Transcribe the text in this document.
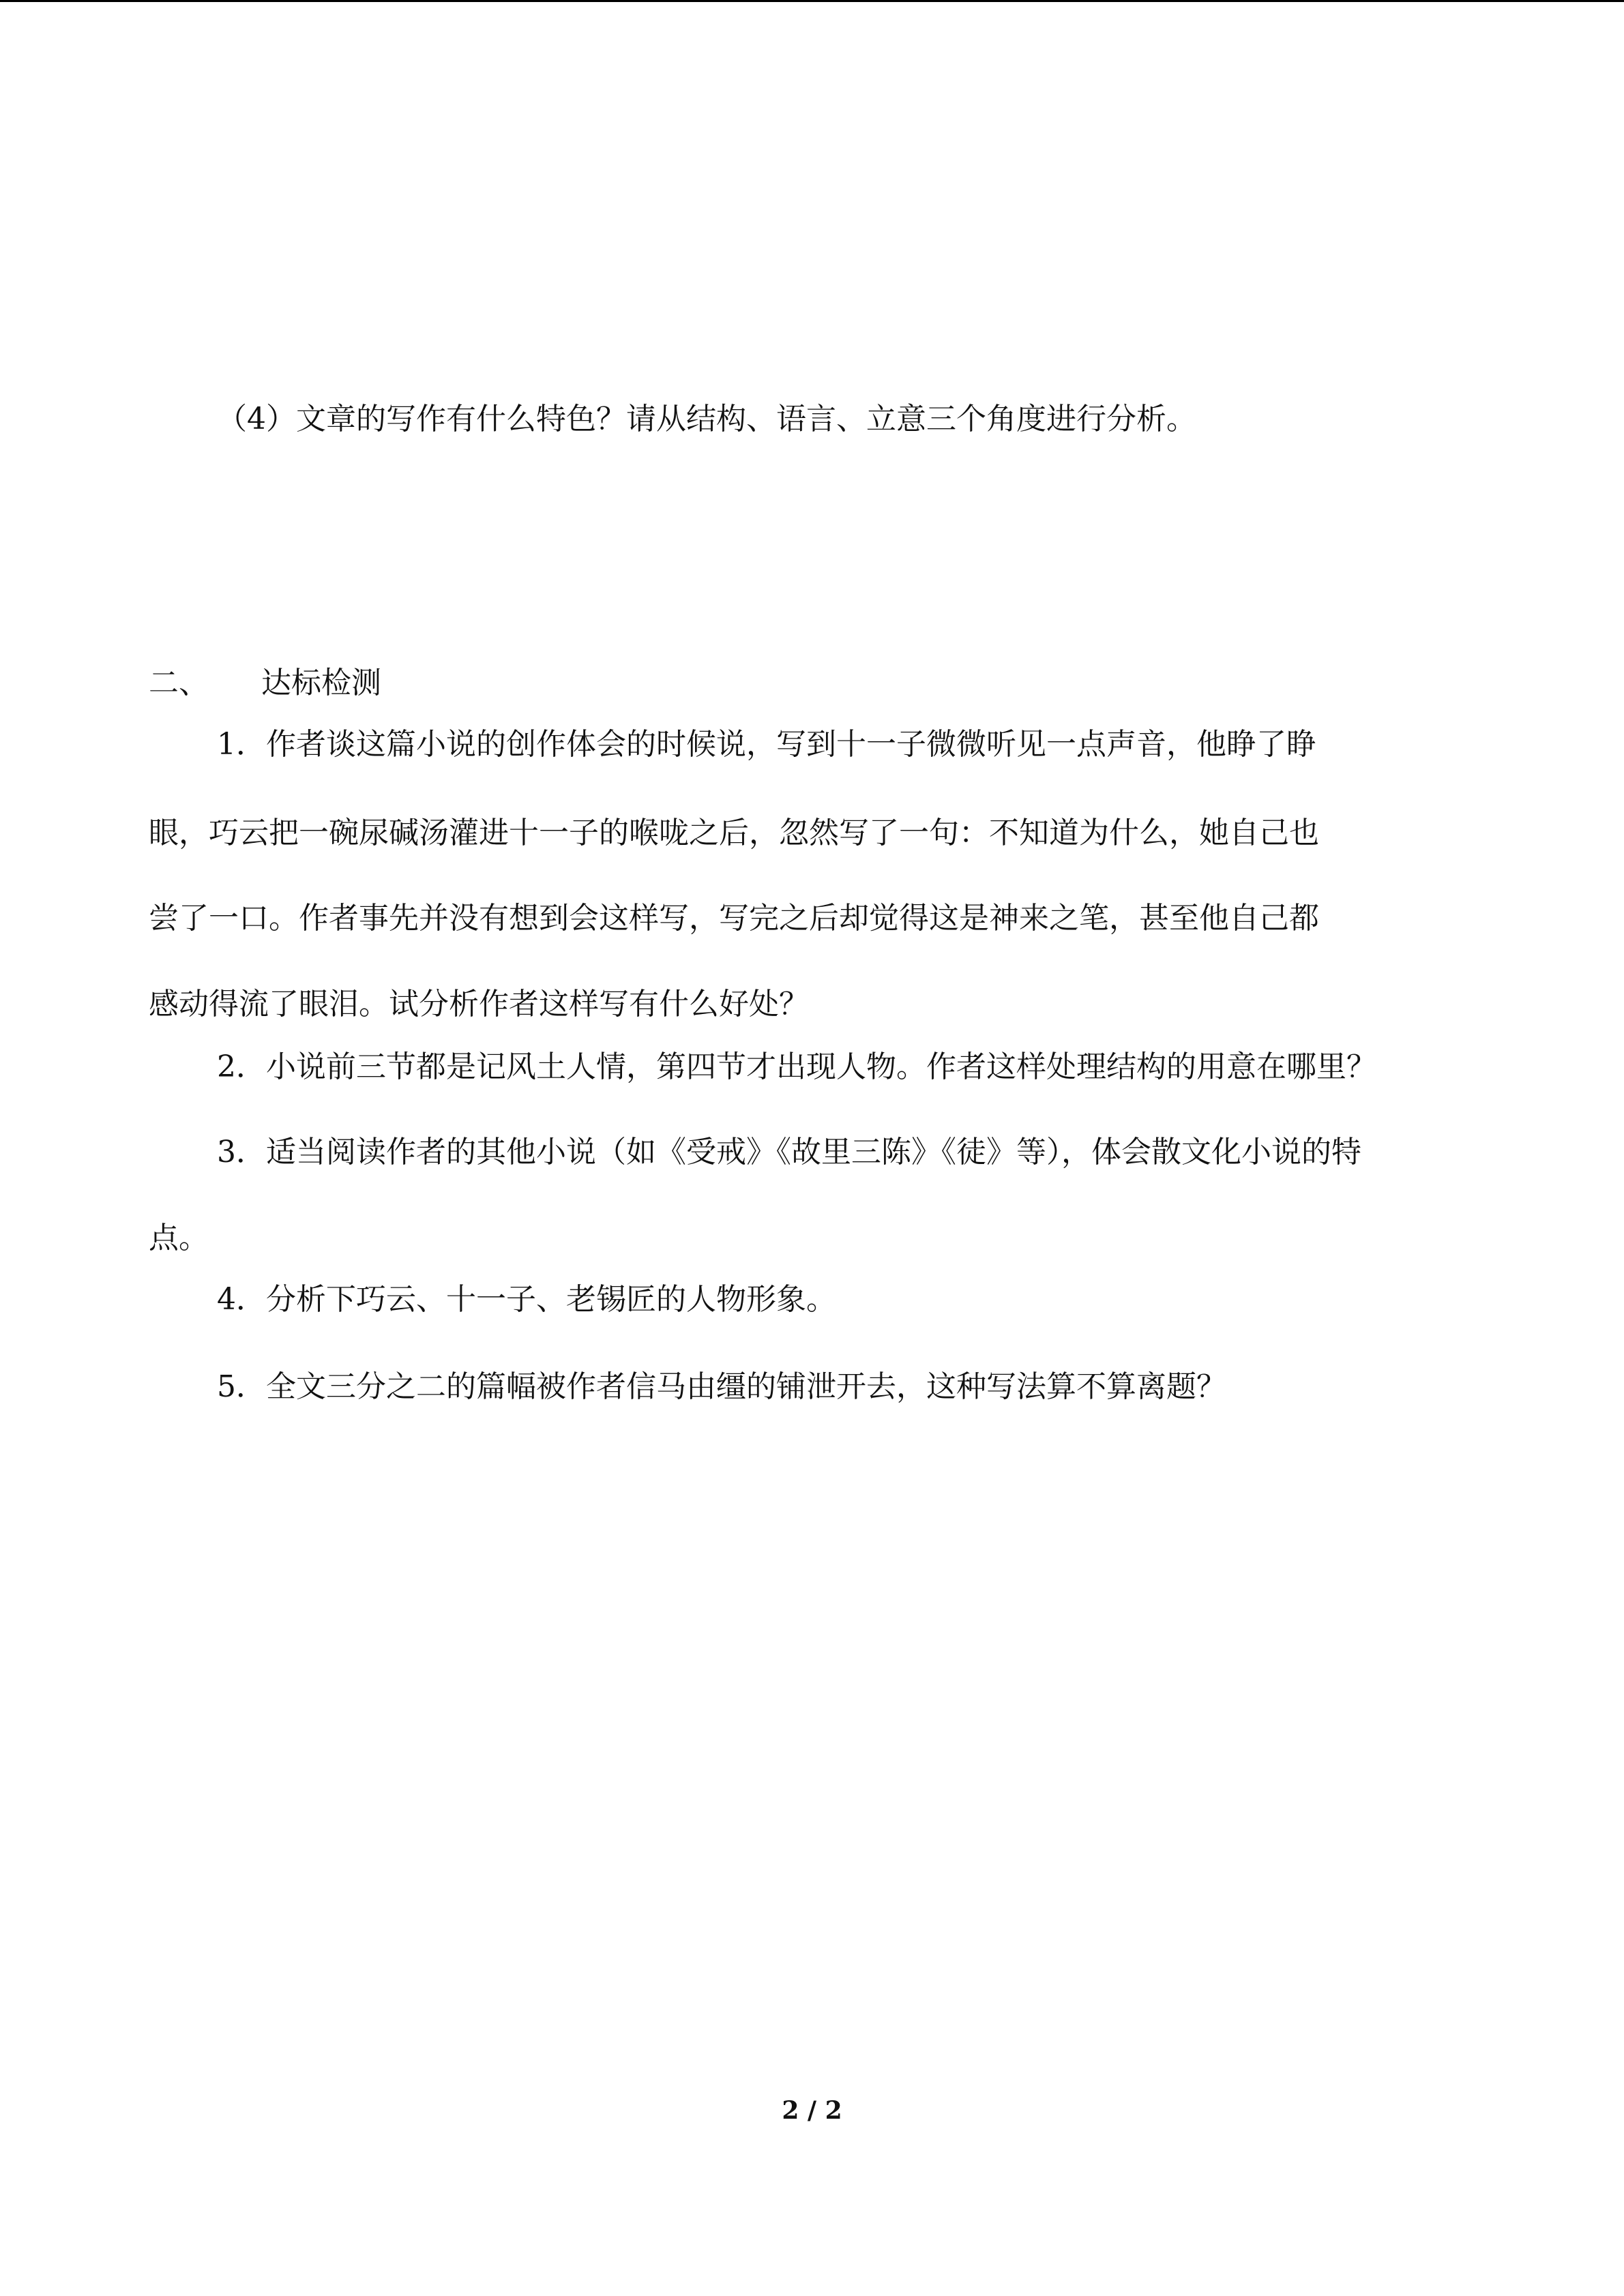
（4）文章的写作有什么特色？请从结构、语言、立意三个角度进行分析。
二、 达标检测
1．作者谈这篇小说的创作体会的时候说，写到十一子微微听见一点声音，他睁了睁
眼，巧云把一碗尿碱汤灌进十一子的喉咙之后，忽然写了一句：不知道为什么，她自己也
尝了一口。作者事先并没有想到会这样写，写完之后却觉得这是神来之笔，甚至他自己都
感动得流了眼泪。试分析作者这样写有什么好处？
2．小说前三节都是记风土人情，第四节才出现人物。作者这样处理结构的用意在哪里？
3．适当阅读作者的其他小说（如《受戒》《故里三陈》《徒》等），体会散文化小说的特
点。
4．分析下巧云、十一子、老锡匠的人物形象。
5．全文三分之二的篇幅被作者信马由缰的铺泄开去，这种写法算不算离题？
2 / 2
